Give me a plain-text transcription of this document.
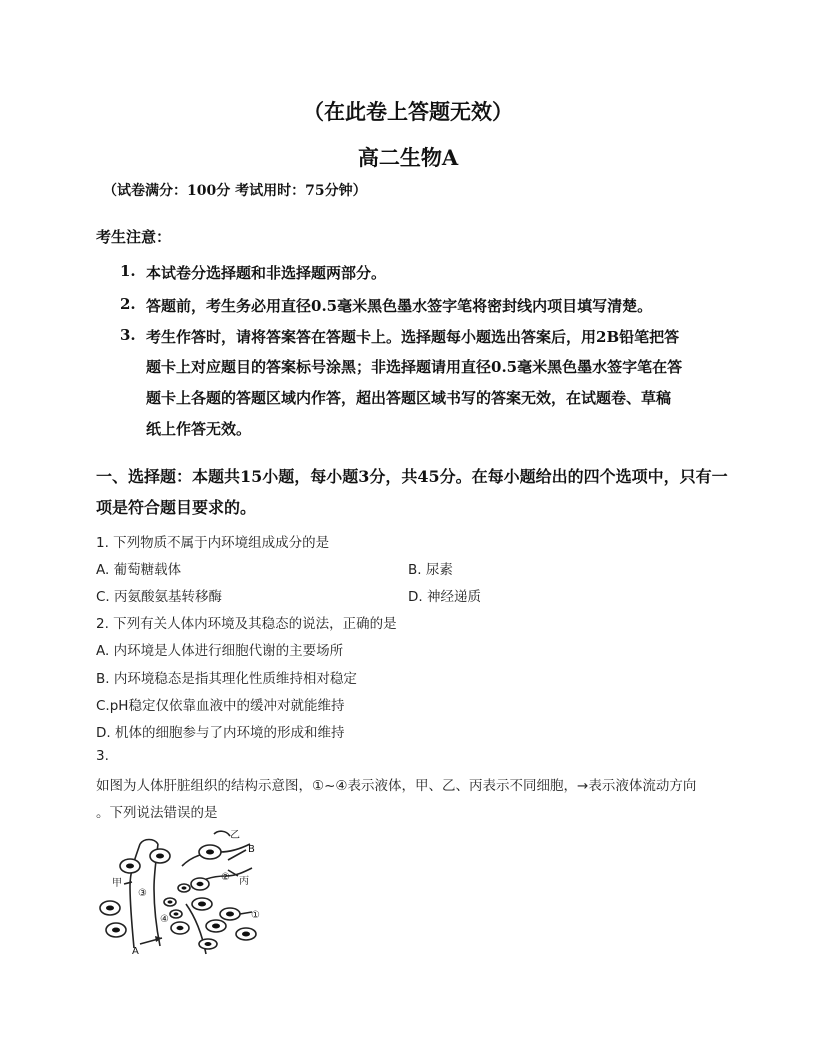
（在此卷上答题无效）
高二生物A
（试卷满分：100分 考试用时：75分钟）
考生注意：
1. 本试卷分选择题和非选择题两部分。
2. 答题前，考生务必用直径0.5毫米黑色墨水签字笔将密封线内项目填写清楚。
3. 考生作答时，请将答案答在答题卡上。选择题每小题选出答案后，用2B铅笔把答
题卡上对应题目的答案标号涂黑；非选择题请用直径0.5毫米黑色墨水签字笔在答
题卡上各题的答题区域内作答，超出答题区域书写的答案无效，在试题卷、草稿
纸上作答无效。
一、选择题：本题共15小题，每小题3分，共45分。在每小题给出的四个选项中，只有一
项是符合题目要求的。
1. 下列物质不属于内环境组成成分的是
A. 葡萄糖载体	B. 尿素
C. 丙氨酸氨基转移酶	D. 神经递质
2. 下列有关人体内环境及其稳态的说法，正确的是
A. 内环境是人体进行细胞代谢的主要场所
B. 内环境稳态是指其理化性质维持相对稳定
C.pH稳定仅依靠血液中的缓冲对就能维持
D. 机体的细胞参与了内环境的形成和维持
3.
如图为人体肝脏组织的结构示意图，①~④表示液体，甲、乙、丙表示不同细胞，→表示液体流动方向
。下列说法错误的是
乙
甲	丙
A
B
①
②
③
④
